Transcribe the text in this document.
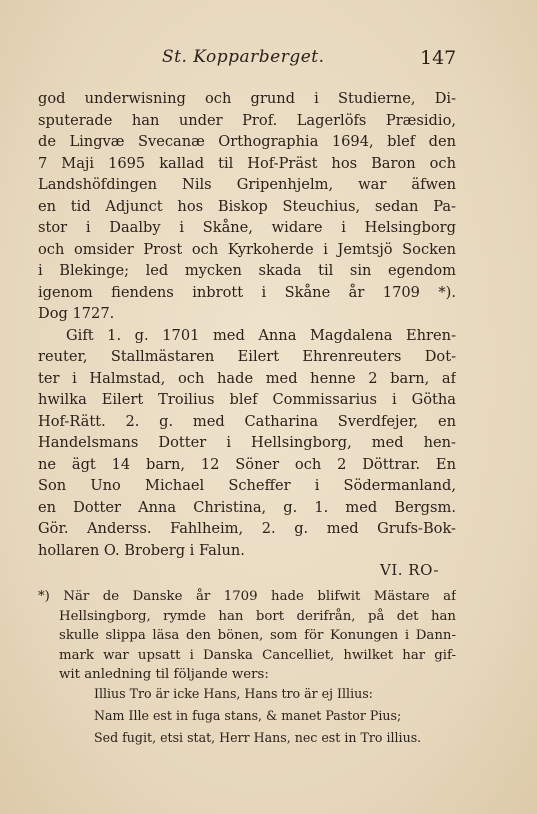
St. Kopparberget.	147
god underwisning och grund i Studierne, Di-
sputerade han under Prof. Lagerlöfs Præsidio,
de Lingvæ Svecanæ Orthographia 1694, blef den
7 Maji 1695 kallad til Hof-Präst hos Baron och
Landshöfdingen Nils Gripenhjelm, war äfwen
en tid Adjunct hos Biskop Steuchius, sedan Pa-
stor i Daalby i Skåne, widare i Helsingborg
och omsider Prost och Kyrkoherde i Jemtsjö Socken
i Blekinge; led mycken skada til sin egendom
igenom fiendens inbrott i Skåne år 1709 *).
Dog 1727.
Gift 1. g. 1701 med Anna Magdalena Ehren-
reuter, Stallmästaren Eilert Ehrenreuters Dot-
ter i Halmstad, och hade med henne 2 barn, af
hwilka Eilert Troilius blef Commissarius i Götha
Hof-Rätt. 2. g. med Catharina Sverdfejer, en
Handelsmans Dotter i Hellsingborg, med hen-
ne ägt 14 barn, 12 Söner och 2 Döttrar. En
Son Uno Michael Scheffer i Södermanland,
en Dotter Anna Christina, g. 1. med Bergsm.
Gör. Anderss. Fahlheim, 2. g. med Grufs-Bok-
hollaren O. Broberg i Falun.
VI. RO-
*) När de Danske år 1709 hade blifwit Mästare af
Hellsingborg, rymde han bort derifrån, på det han
skulle slippa läsa den bönen, som för Konungen i Dann-
mark war upsatt i Danska Cancelliet, hwilket har gif-
wit anledning til följande wers:
Illius Tro är icke Hans, Hans tro är ej Illius:
Nam Ille est in fuga stans, & manet Pastor Pius;
Sed fugit, etsi stat, Herr Hans, nec est in Tro illius.
